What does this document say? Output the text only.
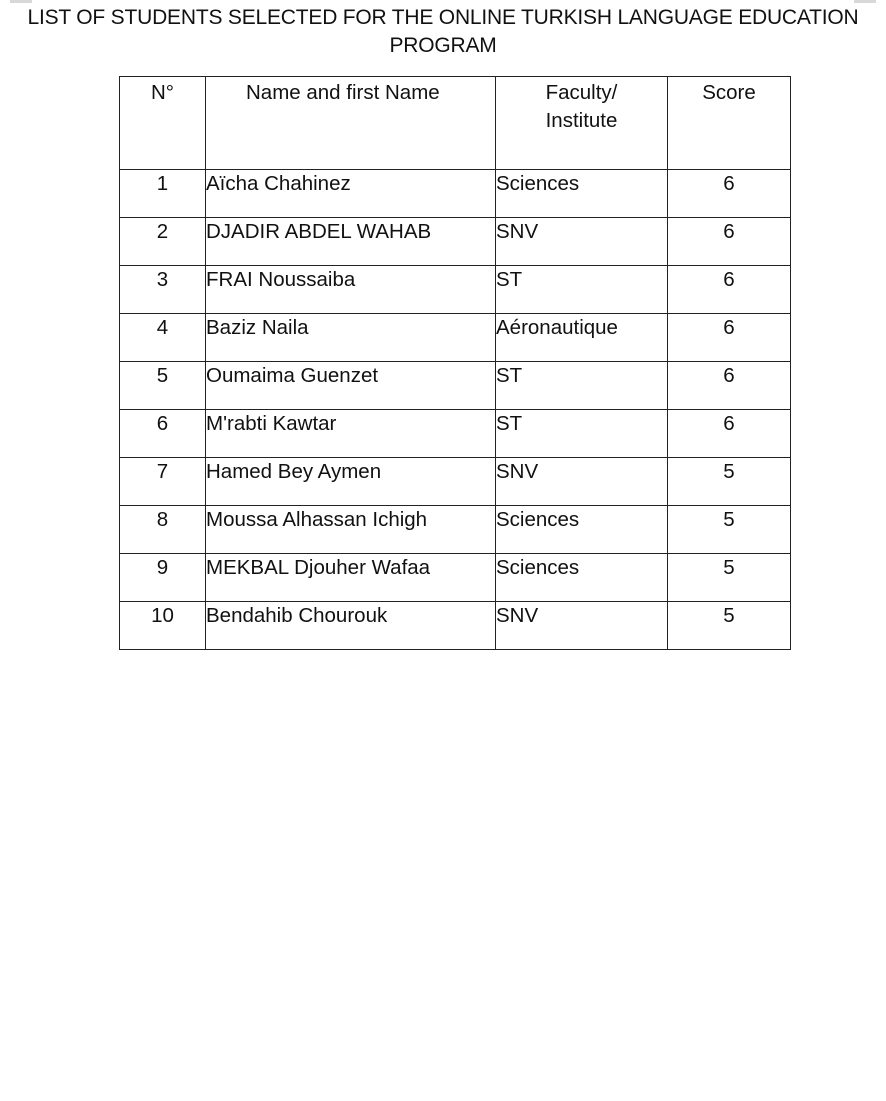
LIST OF STUDENTS SELECTED FOR THE ONLINE TURKISH LANGUAGE EDUCATION
PROGRAM
N°	Name and first Name	Faculty/ Institute	Score
1	Aïcha Chahinez	Sciences	6
2	DJADIR ABDEL WAHAB	SNV	6
3	FRAI Noussaiba	ST	6
4	Baziz Naila	Aéronautique	6
5	Oumaima Guenzet	ST	6
6	M'rabti Kawtar	ST	6
7	Hamed Bey Aymen	SNV	5
8	Moussa Alhassan Ichigh	Sciences	5
9	MEKBAL Djouher Wafaa	Sciences	5
10	Bendahib Chourouk	SNV	5
